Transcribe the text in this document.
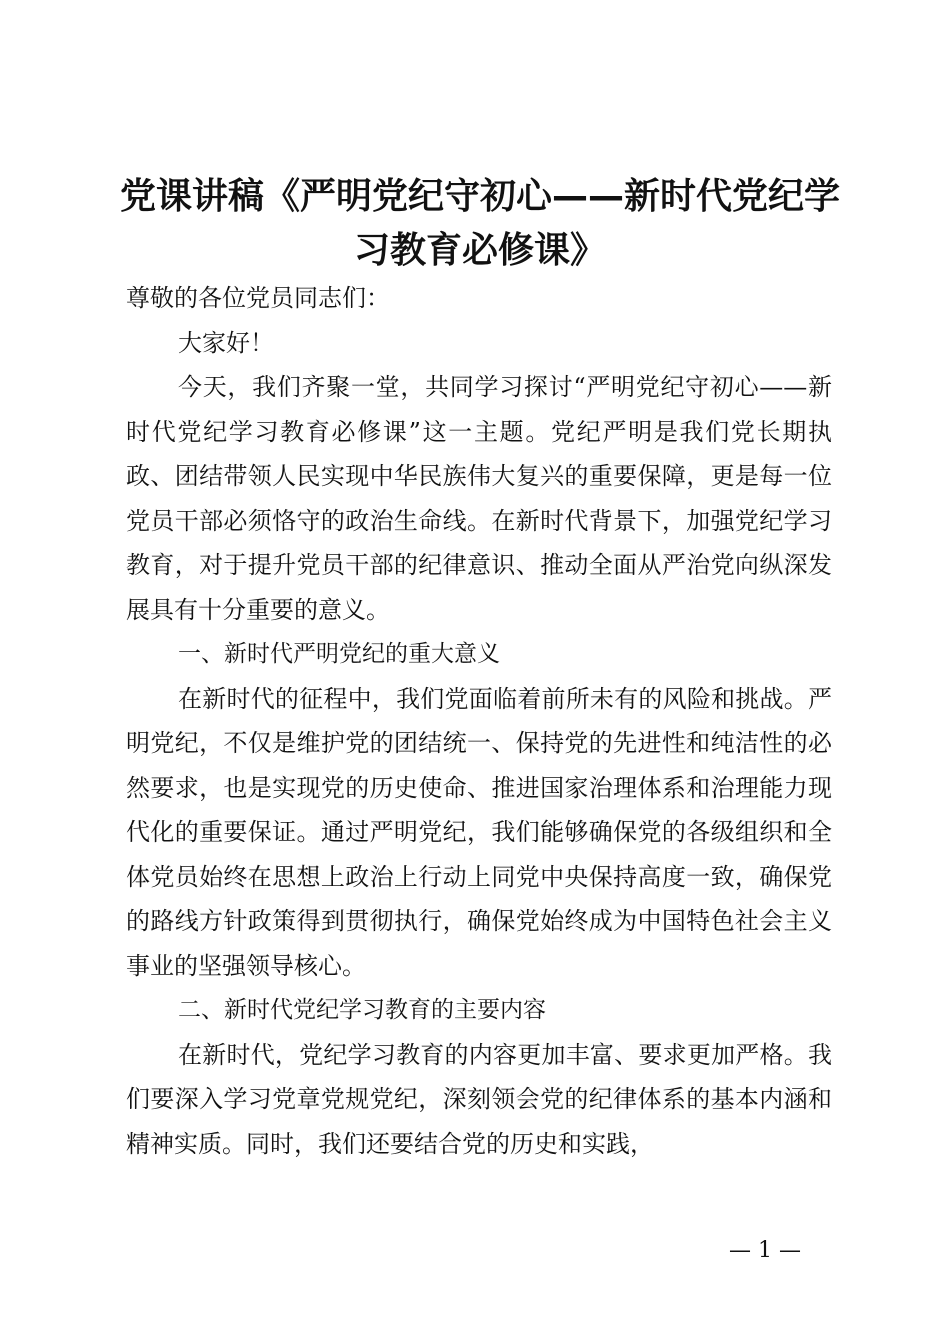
党课讲稿《严明党纪守初心——新时代党纪学习教育必修课》

尊敬的各位党员同志们：

大家好！

今天，我们齐聚一堂，共同学习探讨“严明党纪守初心——新时代党纪学习教育必修课”这一主题。党纪严明是我们党长期执政、团结带领人民实现中华民族伟大复兴的重要保障，更是每一位党员干部必须恪守的政治生命线。在新时代背景下，加强党纪学习教育，对于提升党员干部的纪律意识、推动全面从严治党向纵深发展具有十分重要的意义。

一、新时代严明党纪的重大意义

在新时代的征程中，我们党面临着前所未有的风险和挑战。严明党纪，不仅是维护党的团结统一、保持党的先进性和纯洁性的必然要求，也是实现党的历史使命、推进国家治理体系和治理能力现代化的重要保证。通过严明党纪，我们能够确保党的各级组织和全体党员始终在思想上政治上行动上同党中央保持高度一致，确保党的路线方针政策得到贯彻执行，确保党始终成为中国特色社会主义事业的坚强领导核心。

二、新时代党纪学习教育的主要内容

在新时代，党纪学习教育的内容更加丰富、要求更加严格。我们要深入学习党章党规党纪，深刻领会党的纪律体系的基本内涵和精神实质。同时，我们还要结合党的历史和实践，

— 1 —
